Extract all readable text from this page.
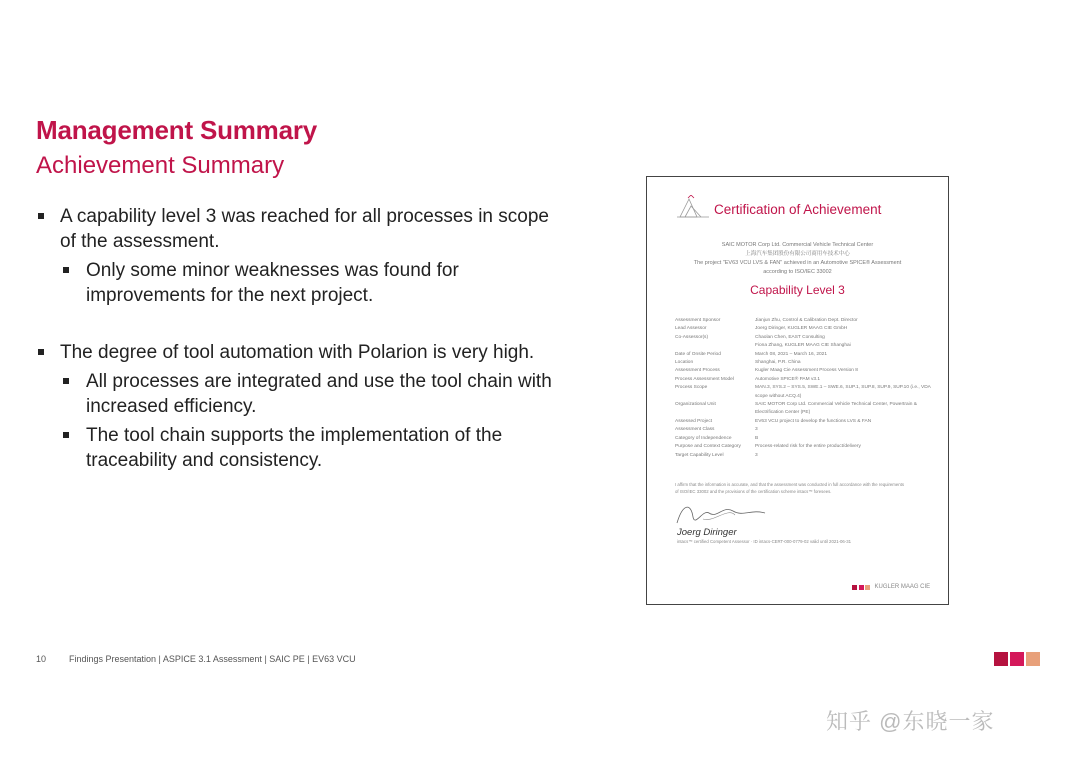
Management Summary
Achievement Summary
A capability level 3 was reached for all processes in scope of the assessment.
Only some minor weaknesses was found for improvements for the next project.
The degree of tool automation with Polarion is very high.
All processes are integrated and use the tool chain with increased efficiency.
The tool chain supports the implementation of the traceability and consistency.
Certification of Achievement
SAIC MOTOR Corp Ltd. Commercial Vehicle Technical Center
上海汽车集团股份有限公司商用车技术中心
The project "EV63 VCU LVS & FAN" achieved in an Automotive SPICE® Assessment
according to ISO/IEC 33002
Capability Level 3
Assessment Sponsor	Jianjun Zhu, Control & Calibration Dept. Director
Lead Assessor	Joerg Diringer, KUGLER MAAG CIE GmbH
Co-Assessor(s)	Chaolan Chen, EAST Consulting
Fiona Zhang, KUGLER MAAG CIE Shanghai
Date of Onsite Period	March 08, 2021 – March 16, 2021
Location	Shanghai, P.R. China
Assessment Process	Kugler Maag Cie Assessment Process Version 8
Process Assessment Model	Automotive SPICE® PAM v3.1
Process Scope	MAN.3, SYS.2 – SYS.5, SWE.1 – SWE.6, SUP.1, SUP.8, SUP.9, SUP.10 (i.e., VDA scope without ACQ.4)
Organizational Unit	SAIC MOTOR Corp Ltd. Commercial Vehicle Technical Center, Powertrain & Electrification Center (PE)
Assessed Project	EV63 VCU project to develop the functions LVS & FAN
Assessment Class	3
Category of Independence	B
Purpose and Context Category	Process-related risk for the entire product/delivery
Target Capability Level	3
I affirm that the information is accurate, and that the assessment was conducted in full accordance with the requirements of ISO/IEC 33002 and the provisions of the certification scheme intacs™ foresees.
Joerg Diringer
intacs™ certified Competent Assessor · ID intacs-CERT-000-0779-02 valid until 2021-06-31
KUGLER MAAG CIE
10	Findings Presentation | ASPICE 3.1 Assessment | SAIC PE | EV63 VCU
知乎 @东晓一家
